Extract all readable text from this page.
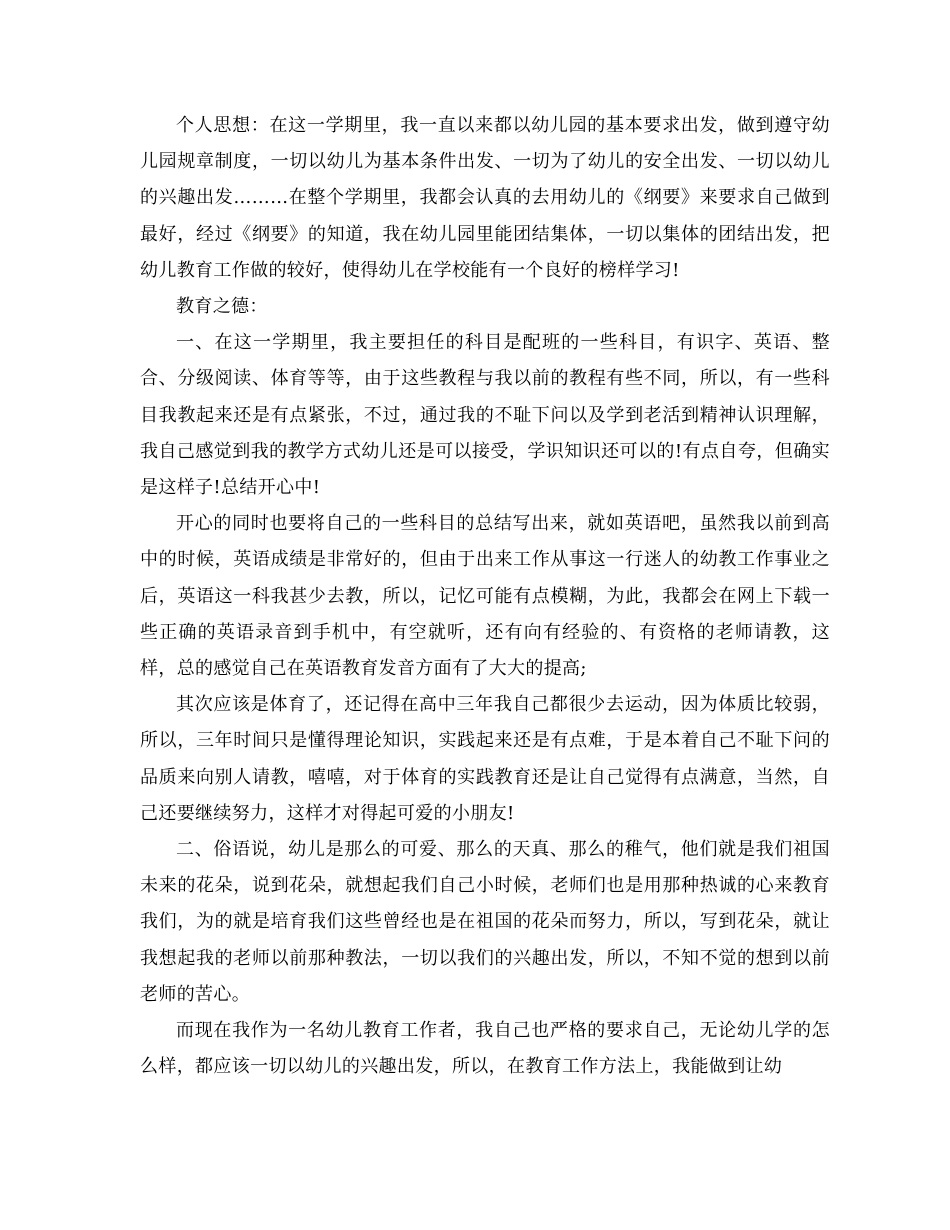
个人思想：在这一学期里，我一直以来都以幼儿园的基本要求出发，做到遵守幼儿园规章制度，一切以幼儿为基本条件出发、一切为了幼儿的安全出发、一切以幼儿的兴趣出发………在整个学期里，我都会认真的去用幼儿的《纲要》来要求自己做到最好，经过《纲要》的知道，我在幼儿园里能团结集体，一切以集体的团结出发，把幼儿教育工作做的较好，使得幼儿在学校能有一个良好的榜样学习!

教育之德：

一、在这一学期里，我主要担任的科目是配班的一些科目，有识字、英语、整合、分级阅读、体育等等，由于这些教程与我以前的教程有些不同，所以，有一些科目我教起来还是有点紧张，不过，通过我的不耻下问以及学到老活到精神认识理解，我自己感觉到我的教学方式幼儿还是可以接受，学识知识还可以的!有点自夸，但确实是这样子!总结开心中!

开心的同时也要将自己的一些科目的总结写出来，就如英语吧，虽然我以前到高中的时候，英语成绩是非常好的，但由于出来工作从事这一行迷人的幼教工作事业之后，英语这一科我甚少去教，所以，记忆可能有点模糊，为此，我都会在网上下载一些正确的英语录音到手机中，有空就听，还有向有经验的、有资格的老师请教，这样，总的感觉自己在英语教育发音方面有了大大的提高;

其次应该是体育了，还记得在高中三年我自己都很少去运动，因为体质比较弱，所以，三年时间只是懂得理论知识，实践起来还是有点难，于是本着自己不耻下问的品质来向别人请教，嘻嘻，对于体育的实践教育还是让自己觉得有点满意，当然，自己还要继续努力，这样才对得起可爱的小朋友!

二、俗语说，幼儿是那么的可爱、那么的天真、那么的稚气，他们就是我们祖国未来的花朵，说到花朵，就想起我们自己小时候，老师们也是用那种热诚的心来教育我们，为的就是培育我们这些曾经也是在祖国的花朵而努力，所以，写到花朵，就让我想起我的老师以前那种教法，一切以我们的兴趣出发，所以，不知不觉的想到以前老师的苦心。

而现在我作为一名幼儿教育工作者，我自己也严格的要求自己，无论幼儿学的怎么样，都应该一切以幼儿的兴趣出发，所以，在教育工作方法上，我能做到让幼
